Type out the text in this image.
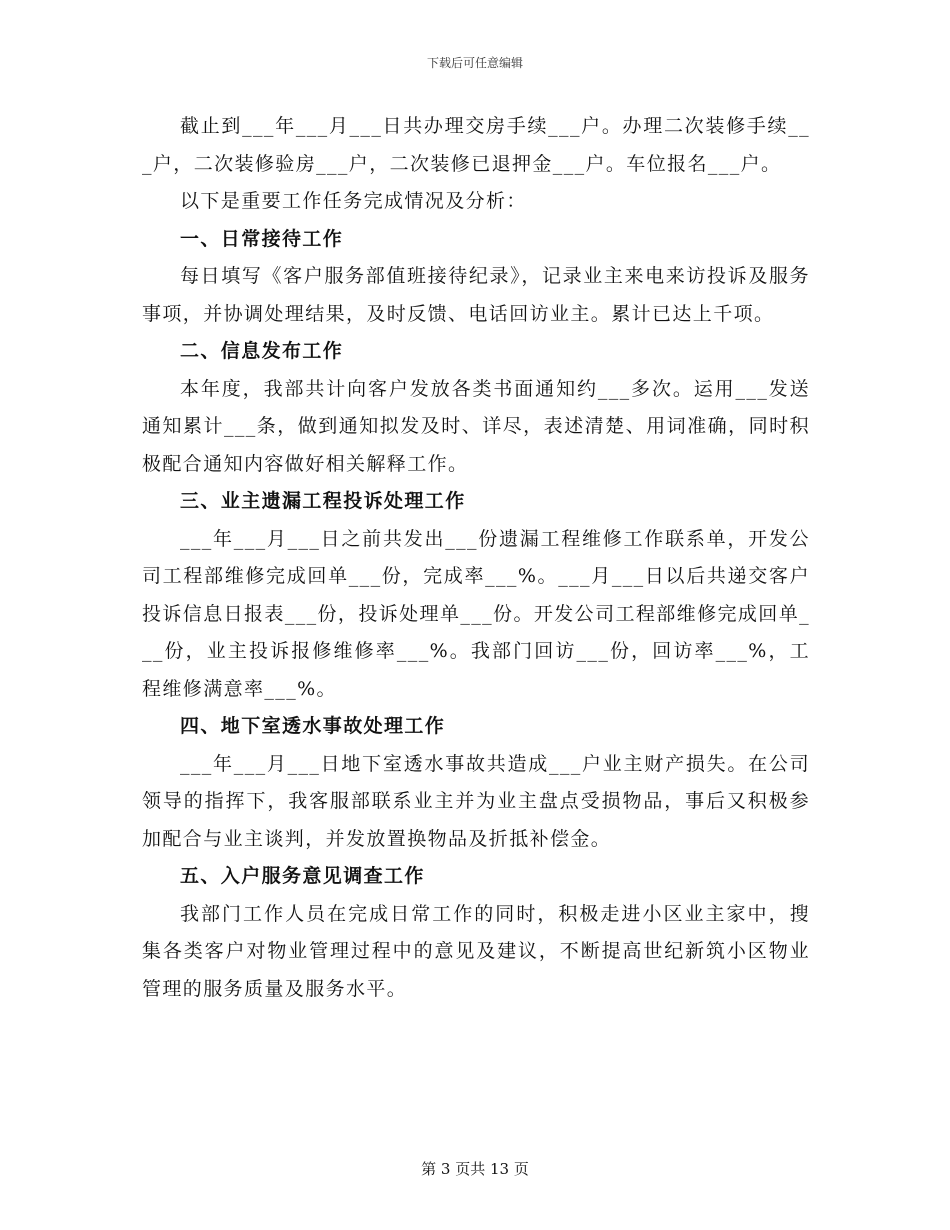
下载后可任意编辑

截止到___年___月___日共办理交房手续___户。办理二次装修手续___户，二次装修验房___户，二次装修已退押金___户。车位报名___户。

以下是重要工作任务完成情况及分析：

一、日常接待工作

每日填写《客户服务部值班接待纪录》，记录业主来电来访投诉及服务事项，并协调处理结果，及时反馈、电话回访业主。累计已达上千项。

二、信息发布工作

本年度，我部共计向客户发放各类书面通知约___多次。运用___发送通知累计___条，做到通知拟发及时、详尽，表述清楚、用词准确，同时积极配合通知内容做好相关解释工作。

三、业主遗漏工程投诉处理工作

___年___月___日之前共发出___份遗漏工程维修工作联系单，开发公司工程部维修完成回单___份，完成率___%。___月___日以后共递交客户投诉信息日报表___份，投诉处理单___份。开发公司工程部维修完成回单___份，业主投诉报修维修率___%。我部门回访___份，回访率___%，工程维修满意率___%。

四、地下室透水事故处理工作

___年___月___日地下室透水事故共造成___户业主财产损失。在公司领导的指挥下，我客服部联系业主并为业主盘点受损物品，事后又积极参加配合与业主谈判，并发放置换物品及折抵补偿金。

五、入户服务意见调查工作

我部门工作人员在完成日常工作的同时，积极走进小区业主家中，搜集各类客户对物业管理过程中的意见及建议，不断提高世纪新筑小区物业管理的服务质量及服务水平。

第 3 页共 13 页
